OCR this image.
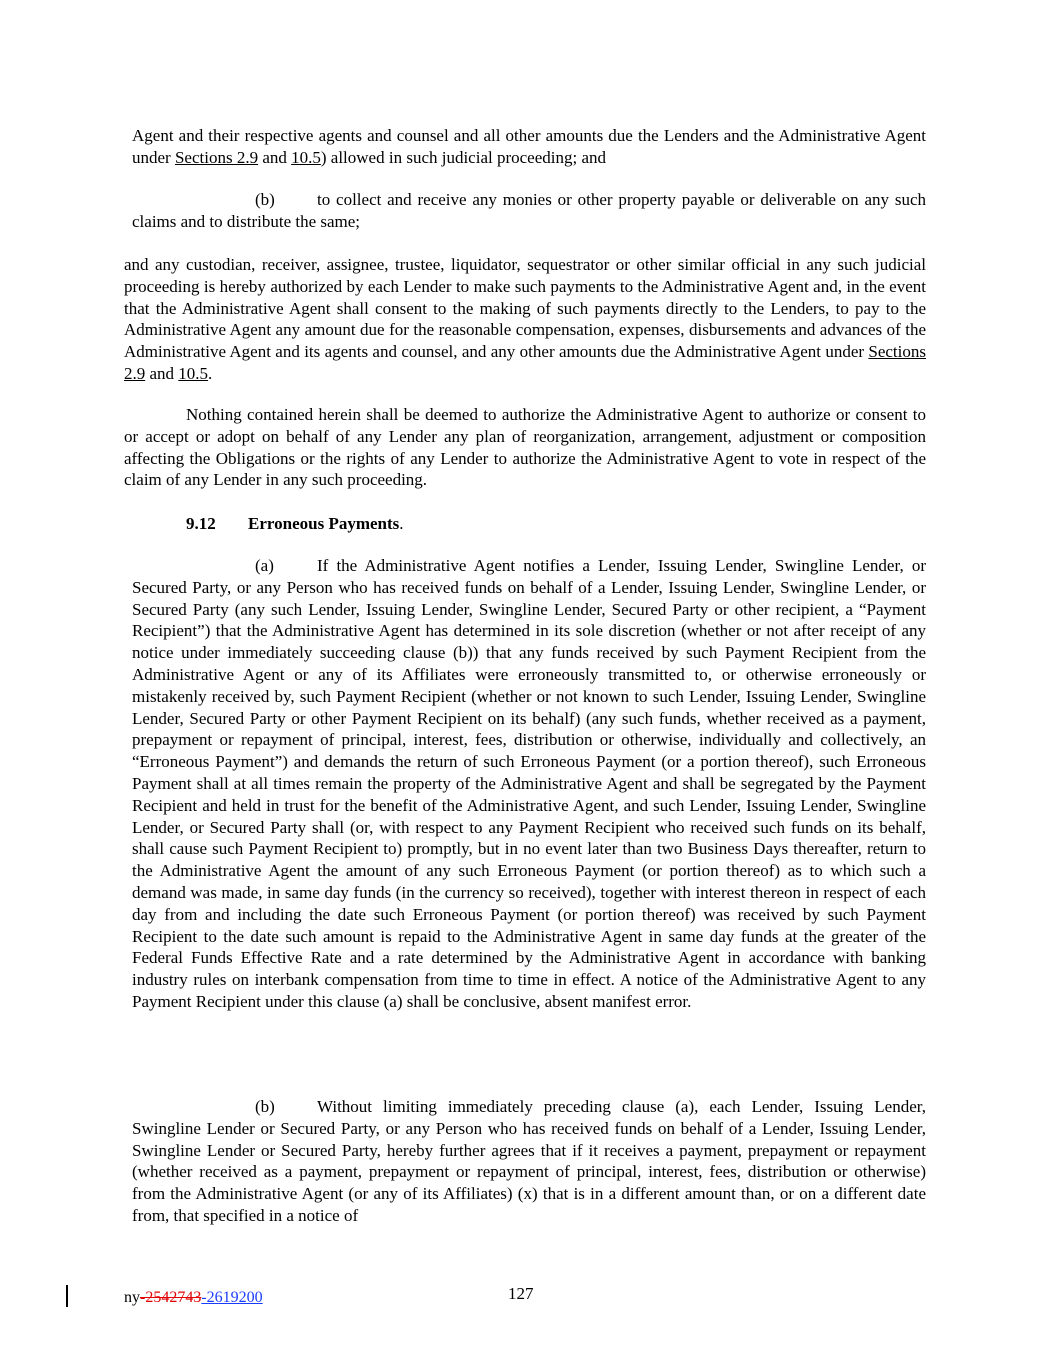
Agent and their respective agents and counsel and all other amounts due the Lenders and the Administrative Agent under Sections 2.9 and 10.5) allowed in such judicial proceeding; and

(b) to collect and receive any monies or other property payable or deliverable on any such claims and to distribute the same;

and any custodian, receiver, assignee, trustee, liquidator, sequestrator or other similar official in any such judicial proceeding is hereby authorized by each Lender to make such payments to the Administrative Agent and, in the event that the Administrative Agent shall consent to the making of such payments directly to the Lenders, to pay to the Administrative Agent any amount due for the reasonable compensation, expenses, disbursements and advances of the Administrative Agent and its agents and counsel, and any other amounts due the Administrative Agent under Sections 2.9 and 10.5.

Nothing contained herein shall be deemed to authorize the Administrative Agent to authorize or consent to or accept or adopt on behalf of any Lender any plan of reorganization, arrangement, adjustment or composition affecting the Obligations or the rights of any Lender to authorize the Administrative Agent to vote in respect of the claim of any Lender in any such proceeding.

9.12 Erroneous Payments.

(a)	If the Administrative Agent notifies a Lender, Issuing Lender, Swingline Lender, or Secured Party, or any Person who has received funds on behalf of a Lender, Issuing Lender, Swingline Lender, or Secured Party (any such Lender, Issuing Lender, Swingline Lender, Secured Party or other recipient, a “Payment Recipient”) that the Administrative Agent has determined in its sole discretion (whether or not after receipt of any notice under immediately succeeding clause (b)) that any funds received by such Payment Recipient from the Administrative Agent or any of its Affiliates were erroneously transmitted to, or otherwise erroneously or mistakenly received by, such Payment Recipient (whether or not known to such Lender, Issuing Lender, Swingline Lender, Secured Party or other Payment Recipient on its behalf) (any such funds, whether received as a payment, prepayment or repayment of principal, interest, fees, distribution or otherwise, individually and collectively, an “Erroneous Payment”) and demands the return of such Erroneous Payment (or a portion thereof), such Erroneous Payment shall at all times remain the property of the Administrative Agent and shall be segregated by the Payment Recipient and held in trust for the benefit of the Administrative Agent, and such Lender, Issuing Lender, Swingline Lender, or Secured Party shall (or, with respect to any Payment Recipient who received such funds on its behalf, shall cause such Payment Recipient to) promptly, but in no event later than two Business Days thereafter, return to the Administrative Agent the amount of any such Erroneous Payment (or portion thereof) as to which such a demand was made, in same day funds (in the currency so received), together with interest thereon in respect of each day from and including the date such Erroneous Payment (or portion thereof) was received by such Payment Recipient to the date such amount is repaid to the Administrative Agent in same day funds at the greater of the Federal Funds Effective Rate and a rate determined by the Administrative Agent in accordance with banking industry rules on interbank compensation from time to time in effect. A notice of the Administrative Agent to any Payment Recipient under this clause (a) shall be conclusive, absent manifest error.

(b) Without limiting immediately preceding clause (a), each Lender, Issuing Lender, Swingline Lender or Secured Party, or any Person who has received funds on behalf of a Lender, Issuing Lender, Swingline Lender or Secured Party, hereby further agrees that if it receives a payment, prepayment or repayment (whether received as a payment, prepayment or repayment of principal, interest, fees, distribution or otherwise) from the Administrative Agent (or any of its Affiliates) (x) that is in a different amount than, or on a different date from, that specified in a notice of

ny-2542743-2619200	127
